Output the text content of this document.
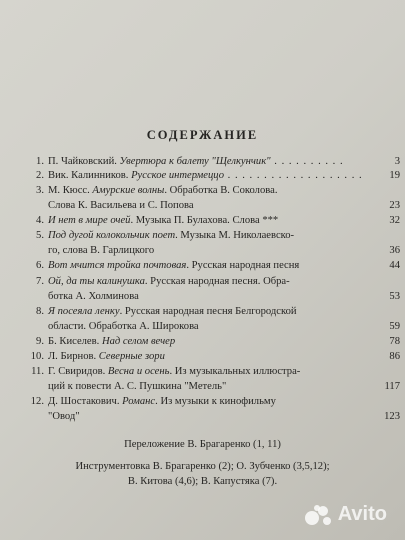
СОДЕРЖАНИЕ
1. П. Чайковский. Увертюра к балету "Щелкунчик" . . . . . . . . . .	3
2. Вик. Калинников. Русское интермеццо . . . . . . . . . . . . . . . . . . .	19
3. М. Кюсс. Амурские волны. Обработка В. Соколова.
Слова К. Васильева и С. Попова	23
4. И нет в мире очей. Музыка П. Булахова. Слова ***	32
5. Под дугой колокольчик поет. Музыка М. Николаевско-
го, слова В. Гарлицкого	36
6. Вот мчится тройка почтовая. Русская народная песня	44
7. Ой, да ты калинушка. Русская народная песня. Обра-
ботка А. Холминова	53
8. Я посеяла ленку. Русская народная песня Белгородской
области. Обработка А. Широкова	59
9. Б. Киселев. Над селом вечер	78
10. Л. Бирнов. Северные зори	86
11. Г. Свиридов. Весна и осень. Из музыкальных иллюстра-
ций к повести А. С. Пушкина "Метель"	117
12. Д. Шостакович. Романс. Из музыки к кинофильму
"Овод"	123
Переложение В. Брагаренко (1, 11)
Инструментовка В. Брагаренко (2); О. Зубченко (3,5,12);
В. Китова (4,6); В. Капустяка (7).
Avito
